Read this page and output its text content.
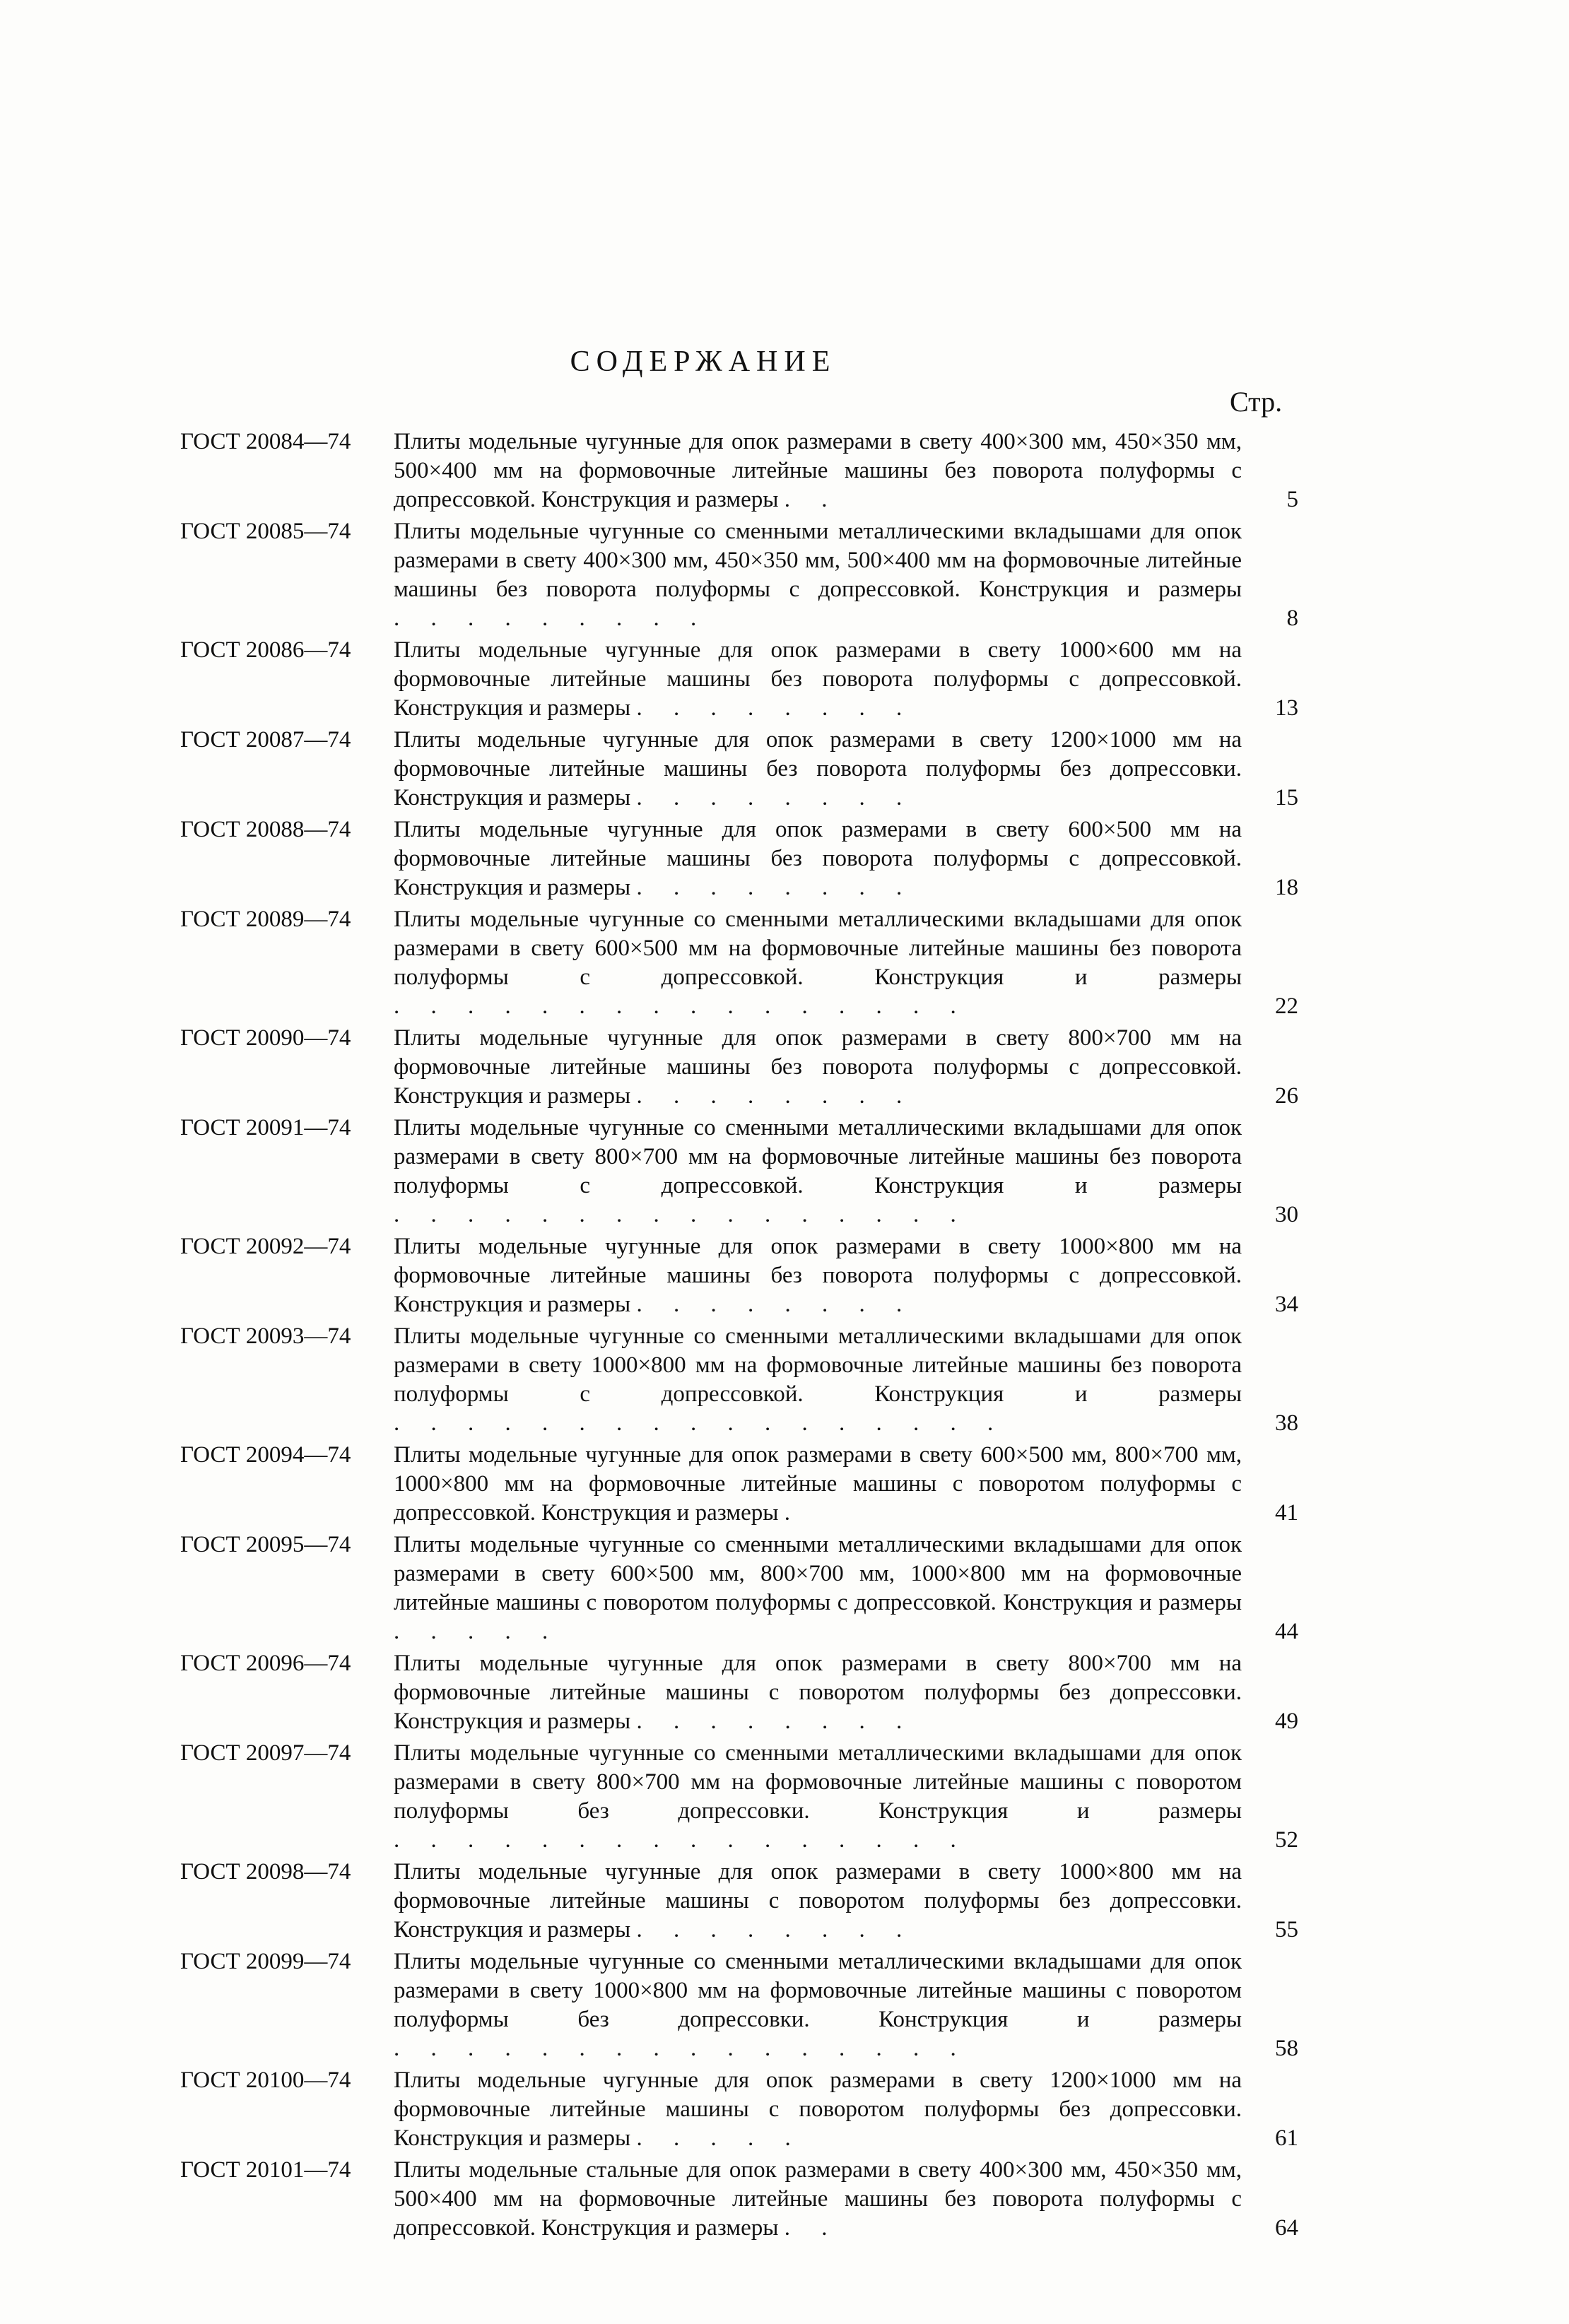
СОДЕРЖАНИЕ
Стр.
ГОСТ 20084—74	Плиты модельные чугунные для опок размерами в свету 400×300 мм, 450×350 мм, 500×400 мм на формовочные литейные машины без поворота полуформы с допрессовкой. Конструкция и размеры . .	5
ГОСТ 20085—74	Плиты модельные чугунные со сменными металлическими вкладышами для опок размерами в свету 400×300 мм, 450×350 мм, 500×400 мм на формовочные литейные машины без поворота полуформы с допрессовкой. Конструкция и размеры . . . . . . . . .	8
ГОСТ 20086—74	Плиты модельные чугунные для опок размерами в свету 1000×600 мм на формовочные литейные машины без поворота полуформы с допрессовкой. Конструкция и размеры . . . . . . . .	13
ГОСТ 20087—74	Плиты модельные чугунные для опок размерами в свету 1200×1000 мм на формовочные литейные машины без поворота полуформы без допрессовки. Конструкция и размеры . . . . . . . .	15
ГОСТ 20088—74	Плиты модельные чугунные для опок размерами в свету 600×500 мм на формовочные литейные машины без поворота полуформы с допрессовкой. Конструкция и размеры . . . . . . . .	18
ГОСТ 20089—74	Плиты модельные чугунные со сменными металлическими вкладышами для опок размерами в свету 600×500 мм на формовочные литейные машины без поворота полуформы с допрессовкой. Конструкция и размеры . . . . . . . . . . . . . . . .	22
ГОСТ 20090—74	Плиты модельные чугунные для опок размерами в свету 800×700 мм на формовочные литейные машины без поворота полуформы с допрессовкой. Конструкция и размеры . . . . . . . .	26
ГОСТ 20091—74	Плиты модельные чугунные со сменными металлическими вкладышами для опок размерами в свету 800×700 мм на формовочные литейные машины без поворота полуформы с допрессовкой. Конструкция и размеры . . . . . . . . . . . . . . . .	30
ГОСТ 20092—74	Плиты модельные чугунные для опок размерами в свету 1000×800 мм на формовочные литейные машины без поворота полуформы с допрессовкой. Конструкция и размеры . . . . . . . .	34
ГОСТ 20093—74	Плиты модельные чугунные со сменными металлическими вкладышами для опок размерами в свету 1000×800 мм на формовочные литейные машины без поворота полуформы с допрессовкой. Конструкция и размеры . . . . . . . . . . . . . . . . .	38
ГОСТ 20094—74	Плиты модельные чугунные для опок размерами в свету 600×500 мм, 800×700 мм, 1000×800 мм на формовочные литейные машины с поворотом полуформы с допрессовкой. Конструкция и размеры .	41
ГОСТ 20095—74	Плиты модельные чугунные со сменными металлическими вкладышами для опок размерами в свету 600×500 мм, 800×700 мм, 1000×800 мм на формовочные литейные машины с поворотом полуформы с допрессовкой. Конструкция и размеры . . . . .	44
ГОСТ 20096—74	Плиты модельные чугунные для опок размерами в свету 800×700 мм на формовочные литейные машины с поворотом полуформы без допрессовки. Конструкция и размеры . . . . . . . .	49
ГОСТ 20097—74	Плиты модельные чугунные со сменными металлическими вкладышами для опок размерами в свету 800×700 мм на формовочные литейные машины с поворотом полуформы без допрессовки. Конструкция и размеры . . . . . . . . . . . . . . . .	52
ГОСТ 20098—74	Плиты модельные чугунные для опок размерами в свету 1000×800 мм на формовочные литейные машины с поворотом полуформы без допрессовки. Конструкция и размеры . . . . . . . .	55
ГОСТ 20099—74	Плиты модельные чугунные со сменными металлическими вкладышами для опок размерами в свету 1000×800 мм на формовочные литейные машины с поворотом полуформы без допрессовки. Конструкция и размеры . . . . . . . . . . . . . . . .	58
ГОСТ 20100—74	Плиты модельные чугунные для опок размерами в свету 1200×1000 мм на формовочные литейные машины с поворотом полуформы без допрессовки. Конструкция и размеры . . . . .	61
ГОСТ 20101—74	Плиты модельные стальные для опок размерами в свету 400×300 мм, 450×350 мм, 500×400 мм на формовочные литейные машины без поворота полуформы с допрессовкой. Конструкция и размеры . .	64
